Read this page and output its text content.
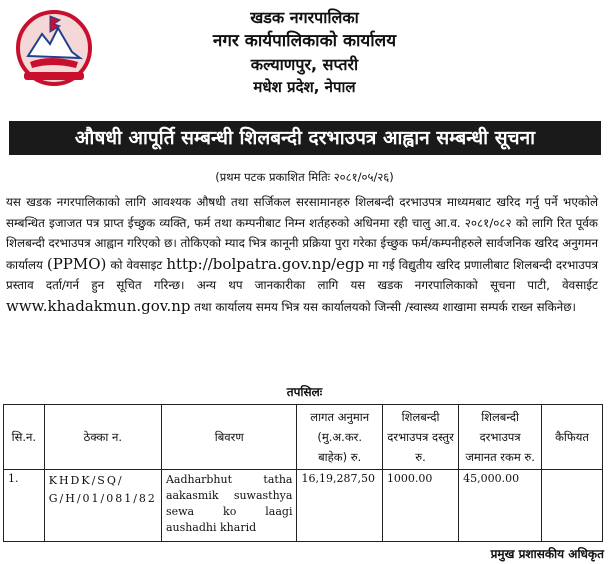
खडक नगरपालिका
नगर कार्यपालिकाको कार्यालय
कल्याणपुर, सप्तरी
मधेश प्रदेश, नेपाल
औषधी आपूर्ति सम्बन्धी शिलबन्दी दरभाउपत्र आह्वान सम्बन्धी सूचना
(प्रथम पटक प्रकाशित मितिः २०८१/०५/२६)
यस खडक नगरपालिकाको लागि आवश्यक औषधी तथा सर्जिकल सरसामानहरु शिलबन्दी दरभाउपत्र माध्यमबाट खरिद गर्नु पर्ने भएकोले सम्बन्धित इजाजत पत्र प्राप्त ईच्छुक व्यक्ति, फर्म तथा कम्पनीबाट निम्न शर्तहरुको अधिनमा रही चालु आ.व. २०८१/०८२ को लागि रित पूर्वक शिलबन्दी दरभाउपत्र आह्वान गरिएको छ। तोकिएको म्याद भित्र कानूनी प्रक्रिया पुरा गरेका ईच्छुक फर्म/कम्पनीहरुले सार्वजनिक खरिद अनुगमन कार्यालय (PPMO) को वेवसाइट http://bolpatra.gov.np/egp मा गई विद्युतीय खरिद प्रणालीबाट शिलबन्दी दरभाउपत्र प्रस्ताव दर्ता/गर्न हुन सूचित गरिन्छ। अन्य थप जानकारीका लागि यस खडक नगरपालिकाको सूचना पाटी, वेवसाईट www.khadakmun.gov.np तथा कार्यालय समय भित्र यस कार्यालयको जिन्सी /स्वास्थ्य शाखामा सम्पर्क राख्न सकिनेछ।
तपसिलः
सि.न.	ठेक्का न.	बिवरण	लागत अनुमान (मु.अ.कर. बाहेक) रु.	शिलबन्दी दरभाउपत्र दस्तुर रु.	शिलबन्दी दरभाउपत्र जमानत रकम रु.	कैफियत
1.	KHDK/SQ/ G/H/01/081/82	Aadharbhut tatha aakasmik suwasthya sewa ko laagi aushadhi kharid	16,19,287,50	1000.00	45,000.00	
प्रमुख प्रशासकीय अधिकृत
